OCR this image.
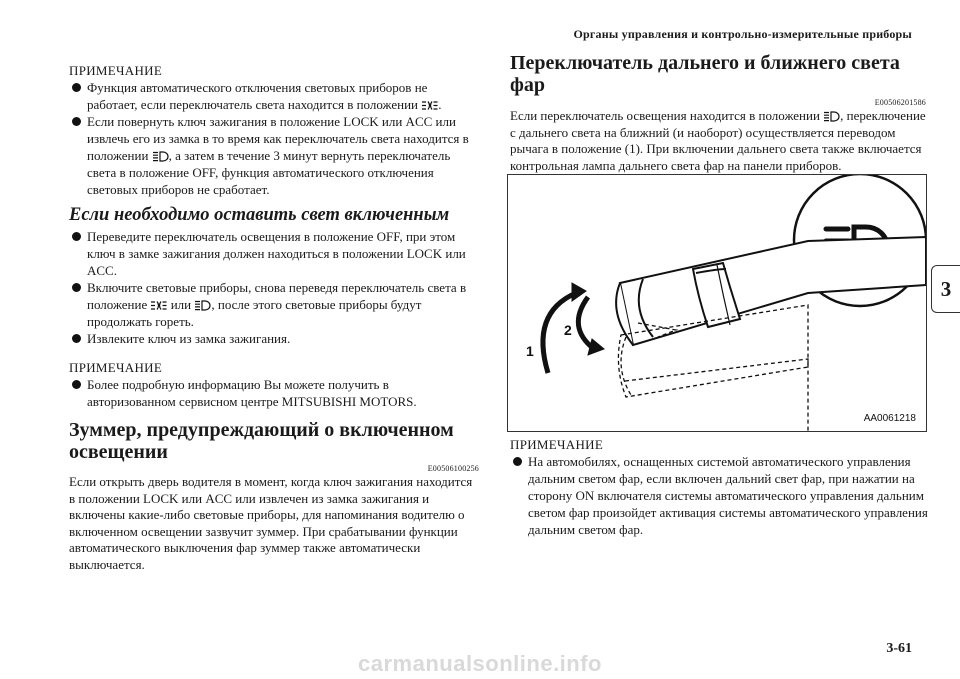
Органы управления и контрольно-измерительные приборы
3
ПРИМЕЧАНИЕ
Функция автоматического отключения световых приборов не работает, если переключатель света находится в положении .
Если повернуть ключ зажигания в положение LOCK или ACC или извлечь его из замка в то время как переключатель света находится в положении , а затем в течение 3 минут вернуть переключатель света в положение OFF, функция автоматического отключения световых приборов не сработает.
Если необходимо оставить свет включенным
Переведите переключатель освещения в положение OFF, при этом ключ в замке зажигания должен находиться в положении LOCK или ACC.
Включите световые приборы, снова переведя переключатель света в положение или , после этого световые приборы будут продолжать гореть.
Извлеките ключ из замка зажигания.
ПРИМЕЧАНИЕ
Более подробную информацию Вы можете получить в авторизованном сервисном центре MITSUBISHI MOTORS.
Зуммер, предупреждающий о включенном освещении
E00506100256
Если открыть дверь водителя в момент, когда ключ зажигания находится в положении LOCK или ACC или извлечен из замка зажигания и включены какие-либо световые приборы, для напоминания водителю о включенном освещении зазвучит зуммер. При срабатывании функции автоматического выключения фар зуммер также автоматически выключается.
Переключатель дальнего и ближнего света фар
E00506201586
Если переключатель освещения находится в положении , переключение с дальнего света на ближний (и наоборот) осуществляется переводом рычага в положение (1). При включении дальнего света также включается контрольная лампа дальнего света фар на панели приборов.
1
2
AA0061218
ПРИМЕЧАНИЕ
На автомобилях, оснащенных системой автоматического управления дальним светом фар, если включен дальний свет фар, при нажатии на сторону ON включателя системы автоматического управления дальним светом фар произойдет активация системы автоматического управления дальним светом фар.
3-61
carmanualsonline.info
